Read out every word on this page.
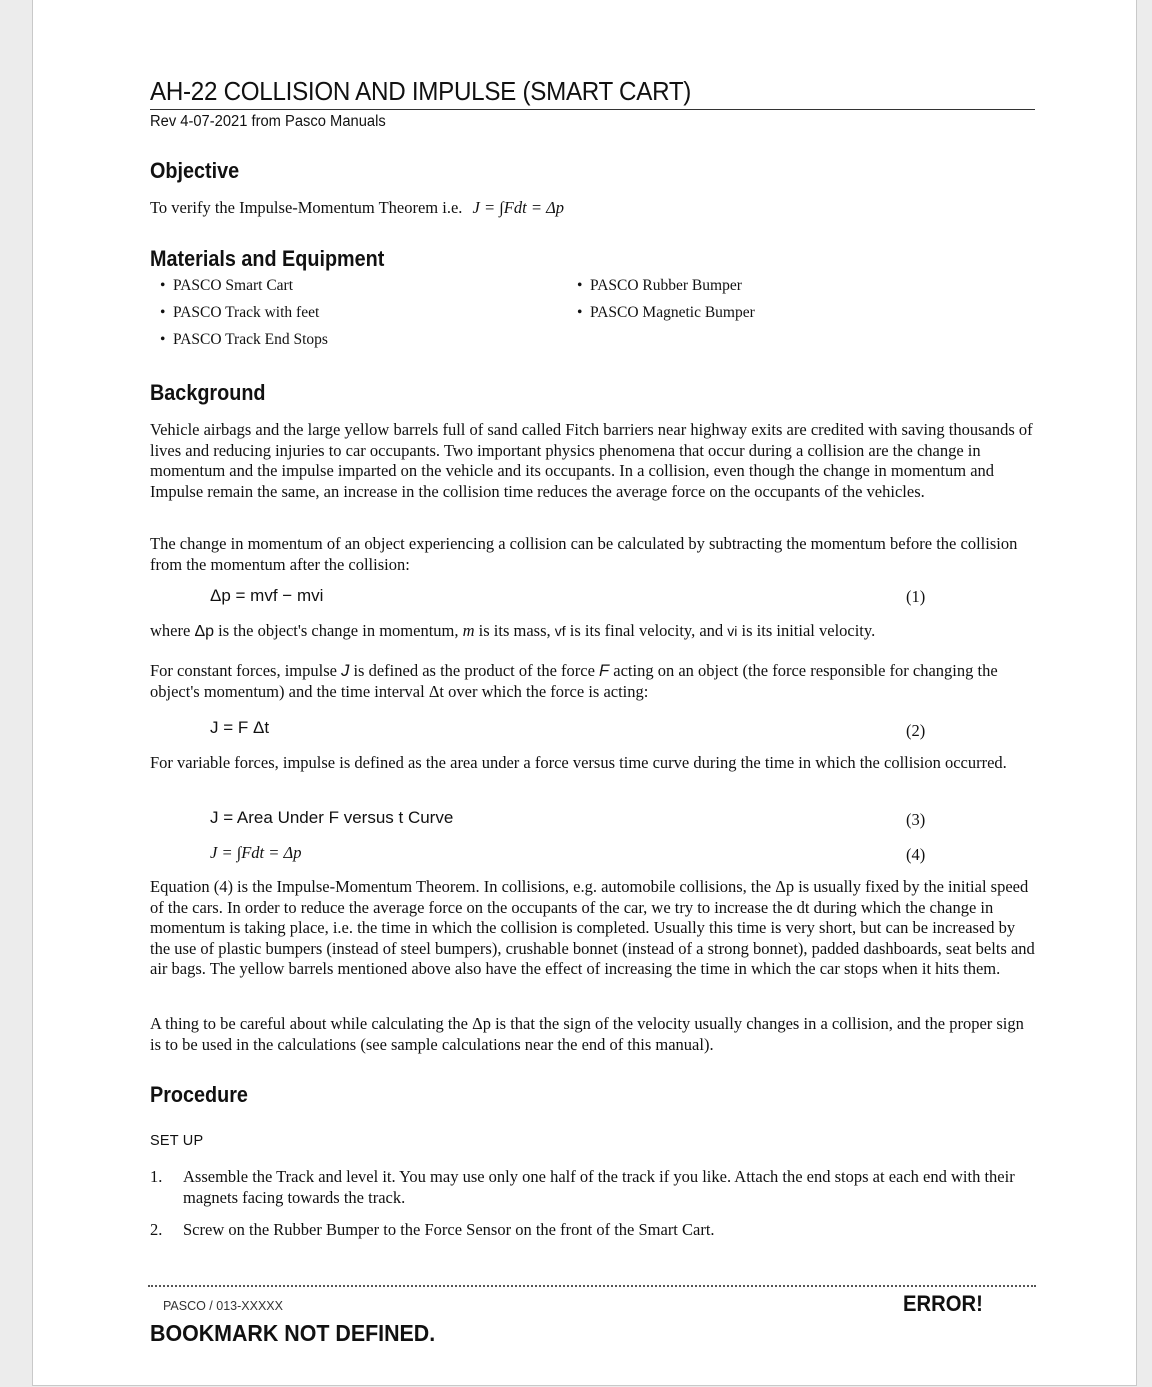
AH-22 COLLISION AND IMPULSE (SMART CART)
Rev 4-07-2021 from Pasco Manuals
Objective
To verify the Impulse-Momentum Theorem i.e. J = ∫Fdt = Δp
Materials and Equipment
• PASCO Smart Cart
• PASCO Track with feet
• PASCO Track End Stops
• PASCO Rubber Bumper
• PASCO Magnetic Bumper
Background
Vehicle airbags and the large yellow barrels full of sand called Fitch barriers near highway exits are credited with saving thousands of lives and reducing injuries to car occupants. Two important physics phenomena that occur during a collision are the change in momentum and the impulse imparted on the vehicle and its occupants. In a collision, even though the change in momentum and Impulse remain the same, an increase in the collision time reduces the average force on the occupants of the vehicles.
The change in momentum of an object experiencing a collision can be calculated by subtracting the momentum before the collision from the momentum after the collision:
Δp = mvf − mvi	(1)
where Δp is the object's change in momentum, m is its mass, vf is its final velocity, and vi is its initial velocity.
For constant forces, impulse J is defined as the product of the force F acting on an object (the force responsible for changing the object's momentum) and the time interval Δt over which the force is acting:
J = F Δt	(2)
For variable forces, impulse is defined as the area under a force versus time curve during the time in which the collision occurred.
J = Area Under F versus t Curve	(3)
J = ∫Fdt = Δp	(4)
Equation (4) is the Impulse-Momentum Theorem. In collisions, e.g. automobile collisions, the Δp is usually fixed by the initial speed of the cars. In order to reduce the average force on the occupants of the car, we try to increase the dt during which the change in momentum is taking place, i.e. the time in which the collision is completed. Usually this time is very short, but can be increased by the use of plastic bumpers (instead of steel bumpers), crushable bonnet (instead of a strong bonnet), padded dashboards, seat belts and air bags. The yellow barrels mentioned above also have the effect of increasing the time in which the car stops when it hits them.
A thing to be careful about while calculating the Δp is that the sign of the velocity usually changes in a collision, and the proper sign is to be used in the calculations (see sample calculations near the end of this manual).
Procedure
SET UP
1.	Assemble the Track and level it. You may use only one half of the track if you like. Attach the end stops at each end with their magnets facing towards the track.
2.	Screw on the Rubber Bumper to the Force Sensor on the front of the Smart Cart.
PASCO / 013-XXXXX	ERROR!
BOOKMARK NOT DEFINED.
